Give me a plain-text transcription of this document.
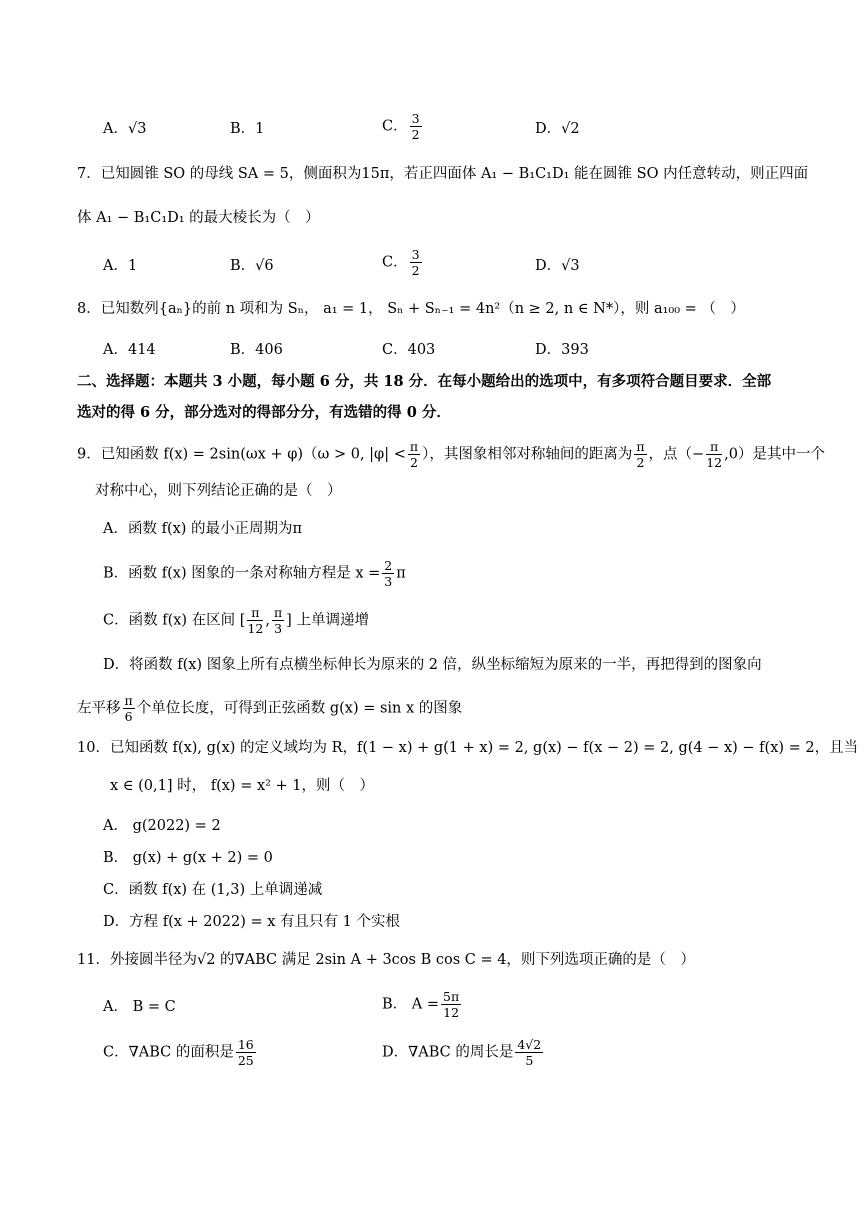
A．√3	B．1	C． $\frac{3}{2}$	D．√2
7．已知圆锥 SO 的母线 SA = 5，侧面积为15π，若正四面体 A₁ − B₁C₁D₁ 能在圆锥 SO 内任意转动，则正四面
体 A₁ − B₁C₁D₁ 的最大棱长为（　）
A．1	B．√6	C． $\frac{3}{2}$	D．√3
8．已知数列{aₙ}的前 n 项和为 Sₙ， a₁ = 1， Sₙ + Sₙ₋₁ = 4n²（n ≥ 2, n ∈ N*），则 a₁₀₀ = （　）
A．414	B．406	C．403	D．393
二、选择题：本题共 3 小题，每小题 6 分，共 18 分．在每小题给出的选项中，有多项符合题目要求．全部
选对的得 6 分，部分选对的得部分分，有选错的得 0 分．
9．已知函数 f(x) = 2sin(ωx + φ)（ω > 0, $|\varphi| < \frac{\pi}{2}$ ），其图象相邻对称轴间的距离为 $\frac{\pi}{2}$ ，点（− $\frac{\pi}{12} ,0$）是其中一个
对称中心，则下列结论正确的是（　）
A．函数 f(x) 的最小正周期为π
B．函数 f(x) 图象的一条对称轴方程是 $x = \frac{2}{3}$ π
C．函数 f(x) 在区间 [ $\frac{\pi}{12}$ , $\frac{\pi}{3}$ ] 上单调递增
D．将函数 f(x) 图象上所有点横坐标伸长为原来的 2 倍，纵坐标缩短为原来的一半，再把得到的图象向
左平移 $\frac{\pi}{6}$ 个单位长度，可得到正弦函数 g(x) = sin x 的图象
10．已知函数 f(x), g(x) 的定义域均为 R，f(1 − x) + g(1 + x) = 2, g(x) − f(x − 2) = 2, g(4 − x) − f(x) = 2，且当
x ∈ (0,1] 时， f(x) = x² + 1，则（　）
A． g(2022) = 2
B． g(x) + g(x + 2) = 0
C．函数 f(x) 在 (1,3) 上单调递减
D．方程 f(x + 2022) = x 有且只有 1 个实根
11．外接圆半径为√2 的∇ABC 满足 2sin A + 3cos B cos C = 4，则下列选项正确的是（　）
A． B = C	B． $A = \frac{5\pi}{12}$
C．∇ABC 的面积是 $\frac{16}{25}$	D．∇ABC 的周长是 $\frac{4√2}{5}$
